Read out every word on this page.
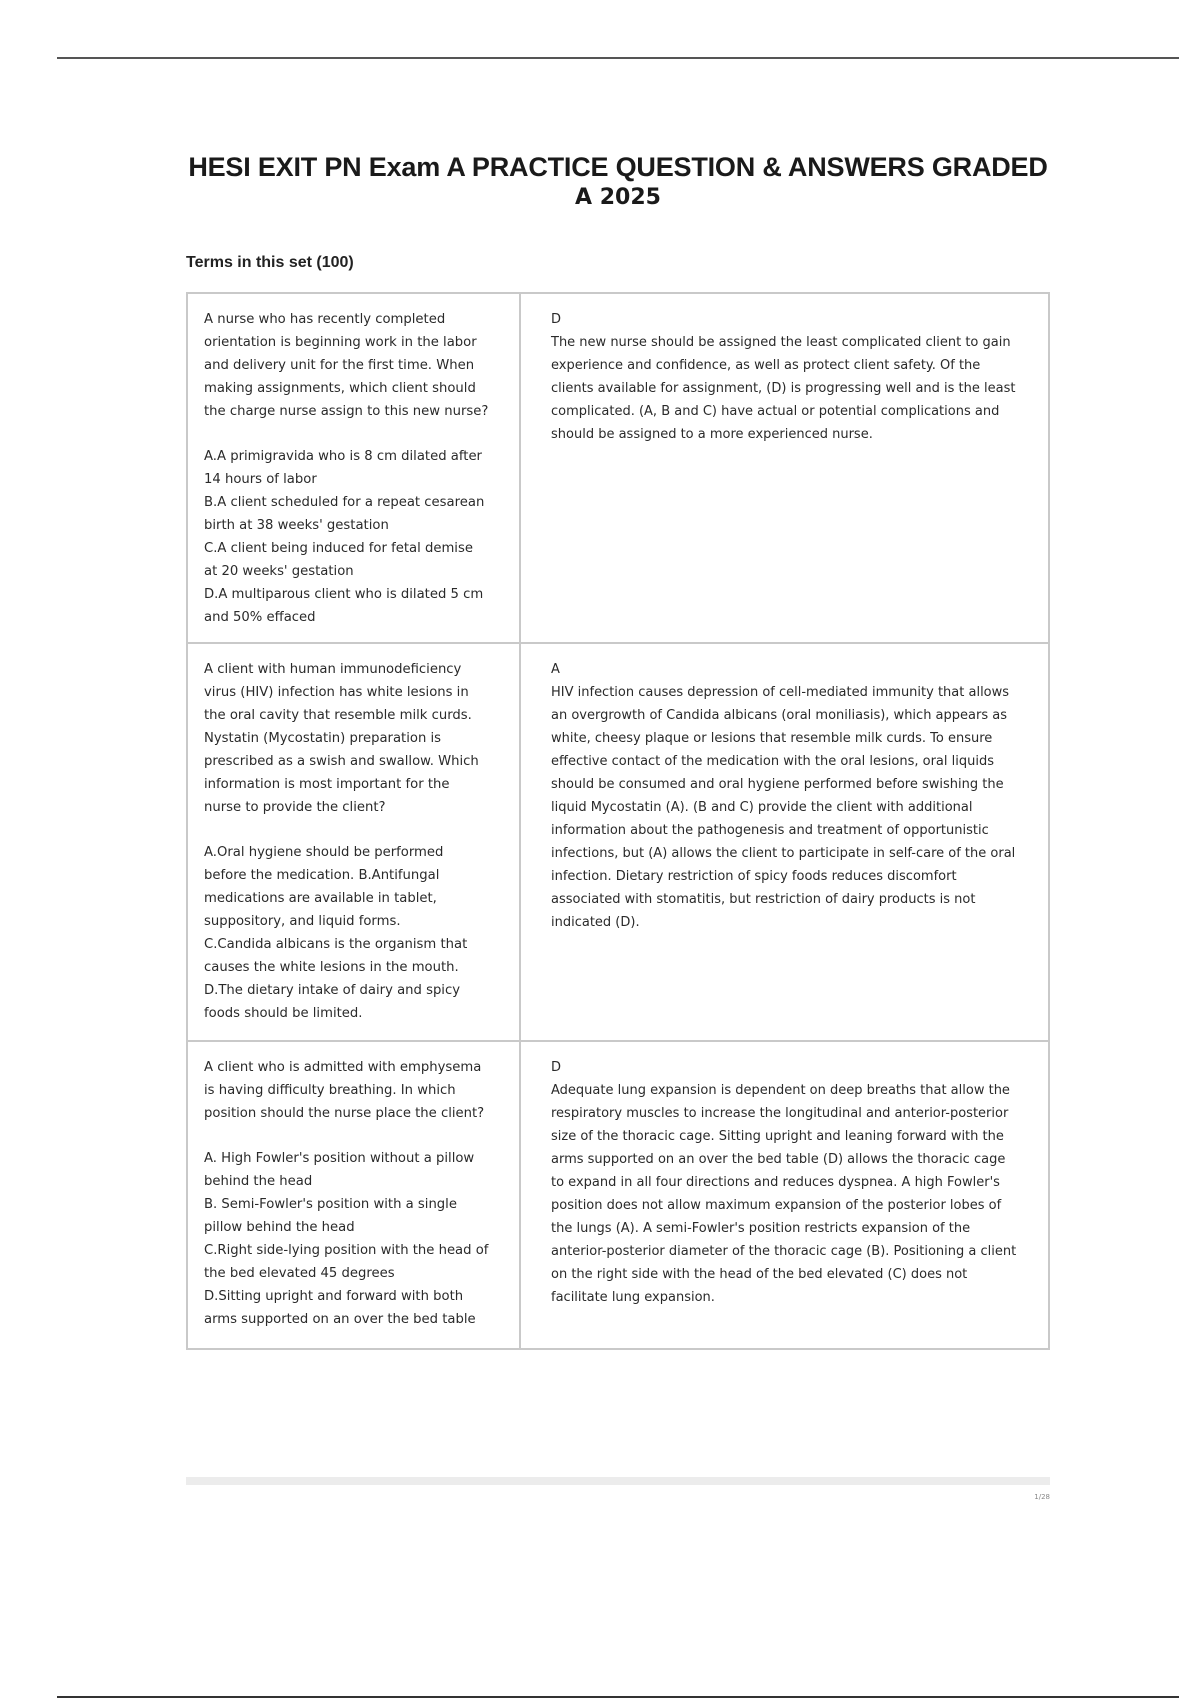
HESI EXIT PN Exam A PRACTICE QUESTION & ANSWERS GRADED
A 2025
Terms in this set (100)

A nurse who has recently completed orientation is beginning work in the labor and delivery unit for the first time. When making assignments, which client should the charge nurse assign to this new nurse?

A.A primigravida who is 8 cm dilated after 14 hours of labor

B.A client scheduled for a repeat cesarean birth at 38 weeks' gestation

C.A client being induced for fetal demise at 20 weeks' gestation

D.A multiparous client who is dilated 5 cm and 50% effaced

D

The new nurse should be assigned the least complicated client to gain experience and confidence, as well as protect client safety. Of the clients available for assignment, (D) is progressing well and is the least complicated. (A, B and C) have actual or potential complications and should be assigned to a more experienced nurse.

A client with human immunodeficiency virus (HIV) infection has white lesions in the oral cavity that resemble milk curds. Nystatin (Mycostatin) preparation is prescribed as a swish and swallow. Which information is most important for the nurse to provide the client?

A.Oral hygiene should be performed before the medication. B.Antifungal medications are available in tablet, suppository, and liquid forms.

C.Candida albicans is the organism that causes the white lesions in the mouth.

D.The dietary intake of dairy and spicy foods should be limited.

A

HIV infection causes depression of cell-mediated immunity that allows an overgrowth of Candida albicans (oral moniliasis), which appears as white, cheesy plaque or lesions that resemble milk curds. To ensure effective contact of the medication with the oral lesions, oral liquids should be consumed and oral hygiene performed before swishing the liquid Mycostatin (A). (B and C) provide the client with additional information about the pathogenesis and treatment of opportunistic infections, but (A) allows the client to participate in self-care of the oral infection. Dietary restriction of spicy foods reduces discomfort associated with stomatitis, but restriction of dairy products is not indicated (D).

A client who is admitted with emphysema is having difficulty breathing. In which position should the nurse place the client?

A. High Fowler's position without a pillow behind the head

B. Semi-Fowler's position with a single pillow behind the head

C.Right side-lying position with the head of the bed elevated 45 degrees

D.Sitting upright and forward with both arms supported on an over the bed table

D

Adequate lung expansion is dependent on deep breaths that allow the respiratory muscles to increase the longitudinal and anterior-posterior size of the thoracic cage. Sitting upright and leaning forward with the arms supported on an over the bed table (D) allows the thoracic cage to expand in all four directions and reduces dyspnea. A high Fowler's position does not allow maximum expansion of the posterior lobes of the lungs (A). A semi-Fowler's position restricts expansion of the anterior-posterior diameter of the thoracic cage (B). Positioning a client on the right side with the head of the bed elevated (C) does not facilitate lung expansion.

1/28
